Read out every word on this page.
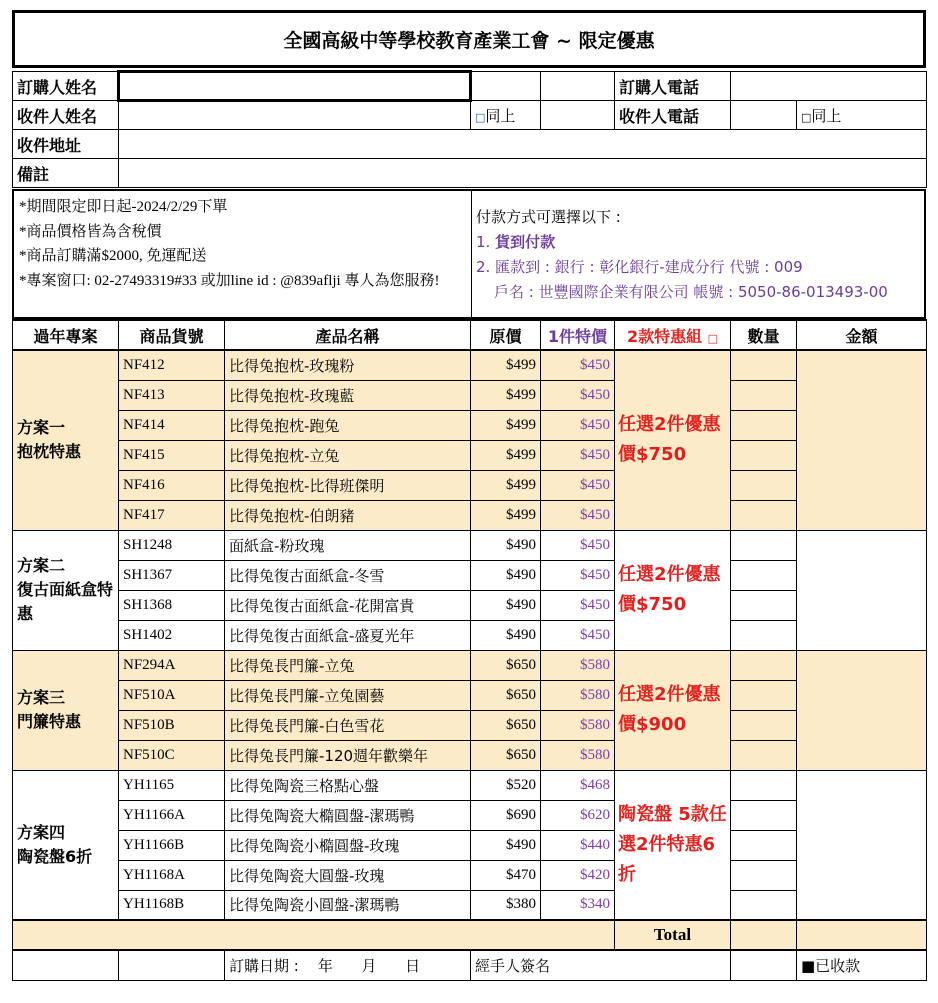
全國高級中等學校教育產業工會 ~ 限定優惠
訂購人姓名				訂購人電話		
收件人姓名		□同上		收件人電話		□同上
收件地址						
備註						
*期間限定即日起-2024/2/29下單
*商品價格皆為含稅價
*商品訂購滿$2000, 免運配送
*專案窗口: 02-27493319#33 或加line id : @839aflji 專人為您服務!
付款方式可選擇以下 :
1. 貨到付款
2. 匯款到 : 銀行 : 彰化銀行-建成分行 代號 : 009
戶名 : 世豐國際企業有限公司 帳號 : 5050-86-013493-00
過年專案	商品貨號	產品名稱	原價	1件特價	2款特惠組 □	數量	金額
方案一
抱枕特惠	NF412	比得兔抱枕-玫瑰粉	$499	$450	任選2件優惠價$750		
	NF413	比得兔抱枕-玫瑰藍	$499	$450			
	NF414	比得兔抱枕-跑兔	$499	$450			
	NF415	比得兔抱枕-立兔	$499	$450			
	NF416	比得兔抱枕-比得班傑明	$499	$450			
	NF417	比得兔抱枕-伯朗豬	$499	$450			
方案二
復古面紙盒特惠	SH1248	面紙盒-粉玫瑰	$490	$450	任選2件優惠價$750		
	SH1367	比得兔復古面紙盒-冬雪	$490	$450			
	SH1368	比得兔復古面紙盒-花開富貴	$490	$450			
	SH1402	比得兔復古面紙盒-盛夏光年	$490	$450			
方案三
門簾特惠	NF294A	比得兔長門簾-立兔	$650	$580	任選2件優惠價$900		
	NF510A	比得兔長門簾-立兔園藝	$650	$580			
	NF510B	比得兔長門簾-白色雪花	$650	$580			
	NF510C	比得兔長門簾-120週年歡樂年	$650	$580			
方案四
陶瓷盤6折	YH1165	比得兔陶瓷三格點心盤	$520	$468	陶瓷盤 5款任選2件特惠6折		
	YH1166A	比得兔陶瓷大橢圓盤-潔瑪鴨	$690	$620			
	YH1166B	比得兔陶瓷小橢圓盤-玫瑰	$490	$440			
	YH1168A	比得兔陶瓷大圓盤-玫瑰	$470	$420			
	YH1168B	比得兔陶瓷小圓盤-潔瑪鴨	$380	$340			
					Total		
		訂購日期 :    年      月      日	經手人簽名				■已收款
